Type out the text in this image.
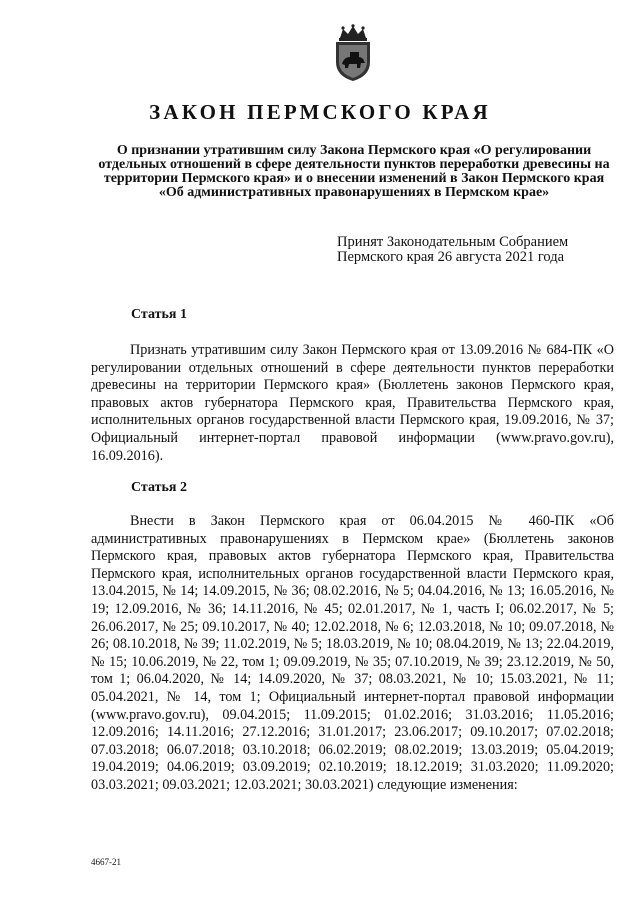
ЗАКОН ПЕРМСКОГО КРАЯ
О признании утратившим силу Закона Пермского края «О регулировании отдельных отношений в сфере деятельности пунктов переработки древесины на территории Пермского края» и о внесении изменений в Закон Пермского края «Об административных правонарушениях в Пермском крае»
Принят Законодательным Собранием
Пермского края 26 августа 2021 года
Статья 1
Признать утратившим силу Закон Пермского края от 13.09.2016 № 684-ПК «О регулировании отдельных отношений в сфере деятельности пунктов переработки древесины на территории Пермского края» (Бюллетень законов Пермского края, правовых актов губернатора Пермского края, Правительства Пермского края, исполнительных органов государственной власти Пермского края, 19.09.2016, № 37; Официальный интернет-портал правовой информации (www.pravo.gov.ru), 16.09.2016).
Статья 2
Внести в Закон Пермского края от 06.04.2015 № 460-ПК «Об административных правонарушениях в Пермском крае» (Бюллетень законов Пермского края, правовых актов губернатора Пермского края, Правительства Пермского края, исполнительных органов государственной власти Пермского края, 13.04.2015, № 14; 14.09.2015, № 36; 08.02.2016, № 5; 04.04.2016, № 13; 16.05.2016, № 19; 12.09.2016, № 36; 14.11.2016, № 45; 02.01.2017, № 1, часть I; 06.02.2017, № 5; 26.06.2017, № 25; 09.10.2017, № 40; 12.02.2018, № 6; 12.03.2018, № 10; 09.07.2018, № 26; 08.10.2018, № 39; 11.02.2019, № 5; 18.03.2019, № 10; 08.04.2019, № 13; 22.04.2019, № 15; 10.06.2019, № 22, том 1; 09.09.2019, № 35; 07.10.2019, № 39; 23.12.2019, № 50, том 1; 06.04.2020, № 14; 14.09.2020, № 37; 08.03.2021, № 10; 15.03.2021, № 11; 05.04.2021, № 14, том 1; Официальный интернет-портал правовой информации (www.pravo.gov.ru), 09.04.2015; 11.09.2015; 01.02.2016; 31.03.2016; 11.05.2016; 12.09.2016; 14.11.2016; 27.12.2016; 31.01.2017; 23.06.2017; 09.10.2017; 07.02.2018; 07.03.2018; 06.07.2018; 03.10.2018; 06.02.2019; 08.02.2019; 13.03.2019; 05.04.2019; 19.04.2019; 04.06.2019; 03.09.2019; 02.10.2019; 18.12.2019; 31.03.2020; 11.09.2020; 03.03.2021; 09.03.2021; 12.03.2021; 30.03.2021) следующие изменения:
4667-21
